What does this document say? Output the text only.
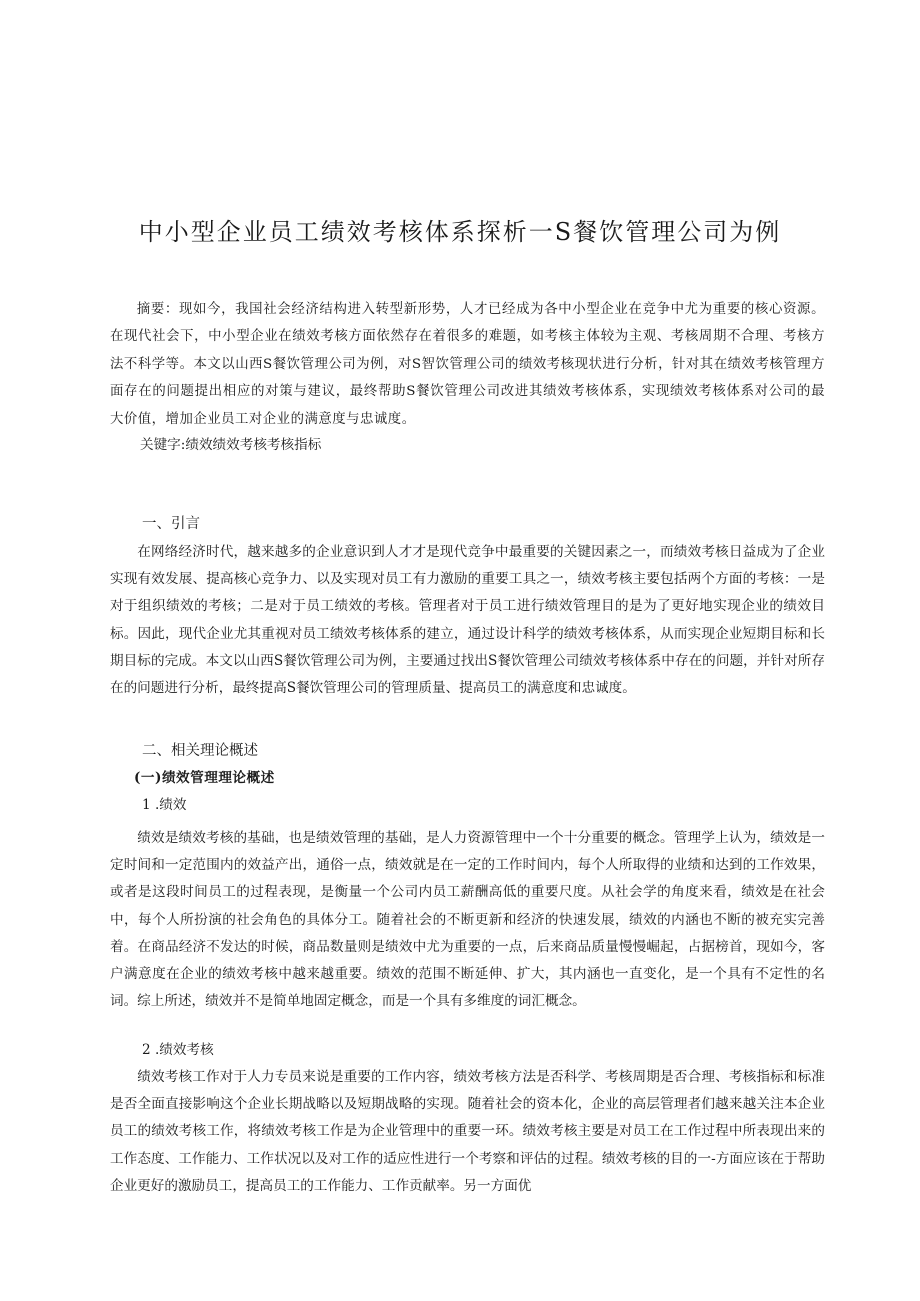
中小型企业员工绩效考核体系探析一S餐饮管理公司为例

摘要：现如今，我国社会经济结构进入转型新形势，人才已经成为各中小型企业在竞争中尤为重要的核心资源。在现代社会下，中小型企业在绩效考核方面依然存在着很多的难题，如考核主体较为主观、考核周期不合理、考核方法不科学等。本文以山西S餐饮管理公司为例，对S智饮管理公司的绩效考核现状进行分析，针对其在绩效考核管理方面存在的问题提出相应的对策与建议，最终帮助S餐饮管理公司改进其绩效考核体系，实现绩效考核体系对公司的最大价值，增加企业员工对企业的满意度与忠诚度。

关键字:绩效绩效考核考核指标

一、引言

在网络经济时代，越来越多的企业意识到人才才是现代竞争中最重要的关键因素之一，而绩效考核日益成为了企业实现有效发展、提高核心竞争力、以及实现对员工有力激励的重要工具之一，绩效考核主要包括两个方面的考核：一是对于组织绩效的考核；二是对于员工绩效的考核。管理者对于员工进行绩效管理目的是为了更好地实现企业的绩效目标。因此，现代企业尤其重视对员工绩效考核体系的建立，通过设计科学的绩效考核体系，从而实现企业短期目标和长期目标的完成。本文以山西S餐饮管理公司为例，主要通过找出S餐饮管理公司绩效考核体系中存在的问题，并针对所存在的问题进行分析，最终提高S餐饮管理公司的管理质量、提高员工的满意度和忠诚度。

二、相关理论概述
(一)绩效管理理论概述

1 .绩效

绩效是绩效考核的基础，也是绩效管理的基础，是人力资源管理中一个十分重要的概念。管理学上认为，绩效是一定时间和一定范围内的效益产出，通俗一点，绩效就是在一定的工作时间内，每个人所取得的业绩和达到的工作效果，或者是这段时间员工的过程表现，是衡量一个公司内员工薪酬高低的重要尺度。从社会学的角度来看，绩效是在社会中，每个人所扮演的社会角色的具体分工。随着社会的不断更新和经济的快速发展，绩效的内涵也不断的被充实完善着。在商品经济不发达的时候，商品数量则是绩效中尤为重要的一点，后来商品质量慢慢崛起，占据榜首，现如今，客户满意度在企业的绩效考核中越来越重要。绩效的范围不断延伸、扩大，其内涵也一直变化，是一个具有不定性的名词。综上所述，绩效并不是简单地固定概念，而是一个具有多维度的词汇概念。

2 .绩效考核

绩效考核工作对于人力专员来说是重要的工作内容，绩效考核方法是否科学、考核周期是否合理、考核指标和标准是否全面直接影响这个企业长期战略以及短期战略的实现。随着社会的资本化，企业的高层管理者们越来越关注本企业员工的绩效考核工作，将绩效考核工作是为企业管理中的重要一环。绩效考核主要是对员工在工作过程中所表现出来的工作态度、工作能力、工作状况以及对工作的适应性进行一个考察和评估的过程。绩效考核的目的一-方面应该在于帮助企业更好的激励员工，提高员工的工作能力、工作贡献率。另一方面优
